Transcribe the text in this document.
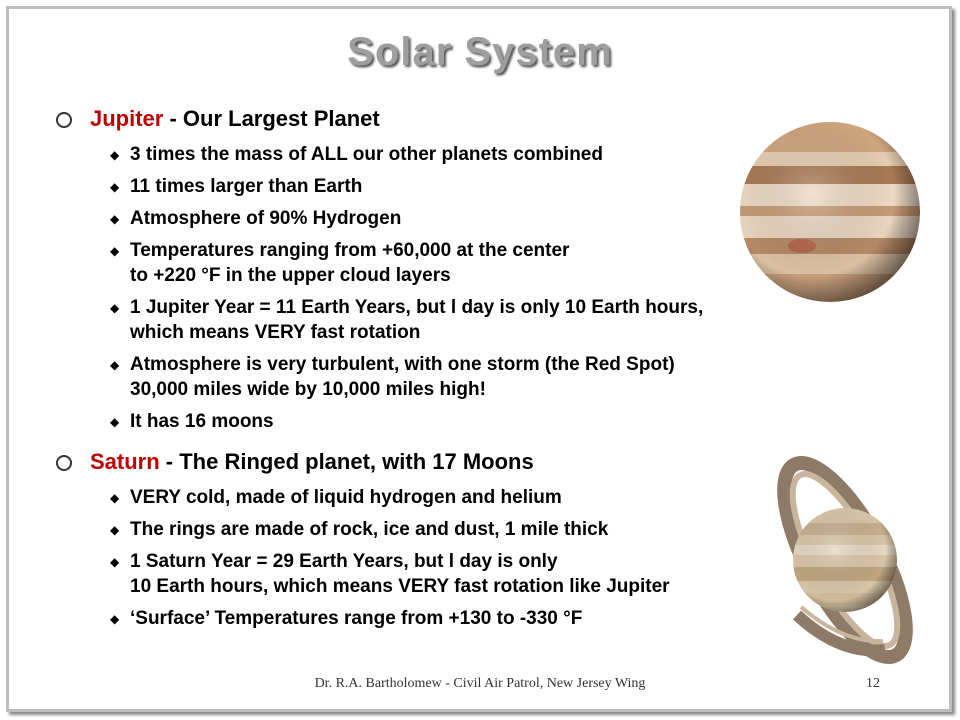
Solar System
Jupiter - Our Largest Planet
◆ 3 times the mass of ALL our other planets combined
◆ 11 times larger than Earth
◆ Atmosphere of 90% Hydrogen
◆ Temperatures ranging from +60,000 at the center
to +220 °F in the upper cloud layers
◆ 1 Jupiter Year = 11 Earth Years, but l day is only 10 Earth hours,
which means VERY fast rotation
◆ Atmosphere is very turbulent, with one storm (the Red Spot)
30,000 miles wide by 10,000 miles high!
◆ It has 16 moons
Saturn - The Ringed planet, with 17 Moons
◆ VERY cold, made of liquid hydrogen and helium
◆ The rings are made of rock, ice and dust, 1 mile thick
◆ 1 Saturn Year = 29 Earth Years, but l day is only
10 Earth hours, which means VERY fast rotation like Jupiter
◆ ‘Surface’ Temperatures range from +130 to -330 °F
Dr. R.A. Bartholomew - Civil Air Patrol, New Jersey Wing	12
